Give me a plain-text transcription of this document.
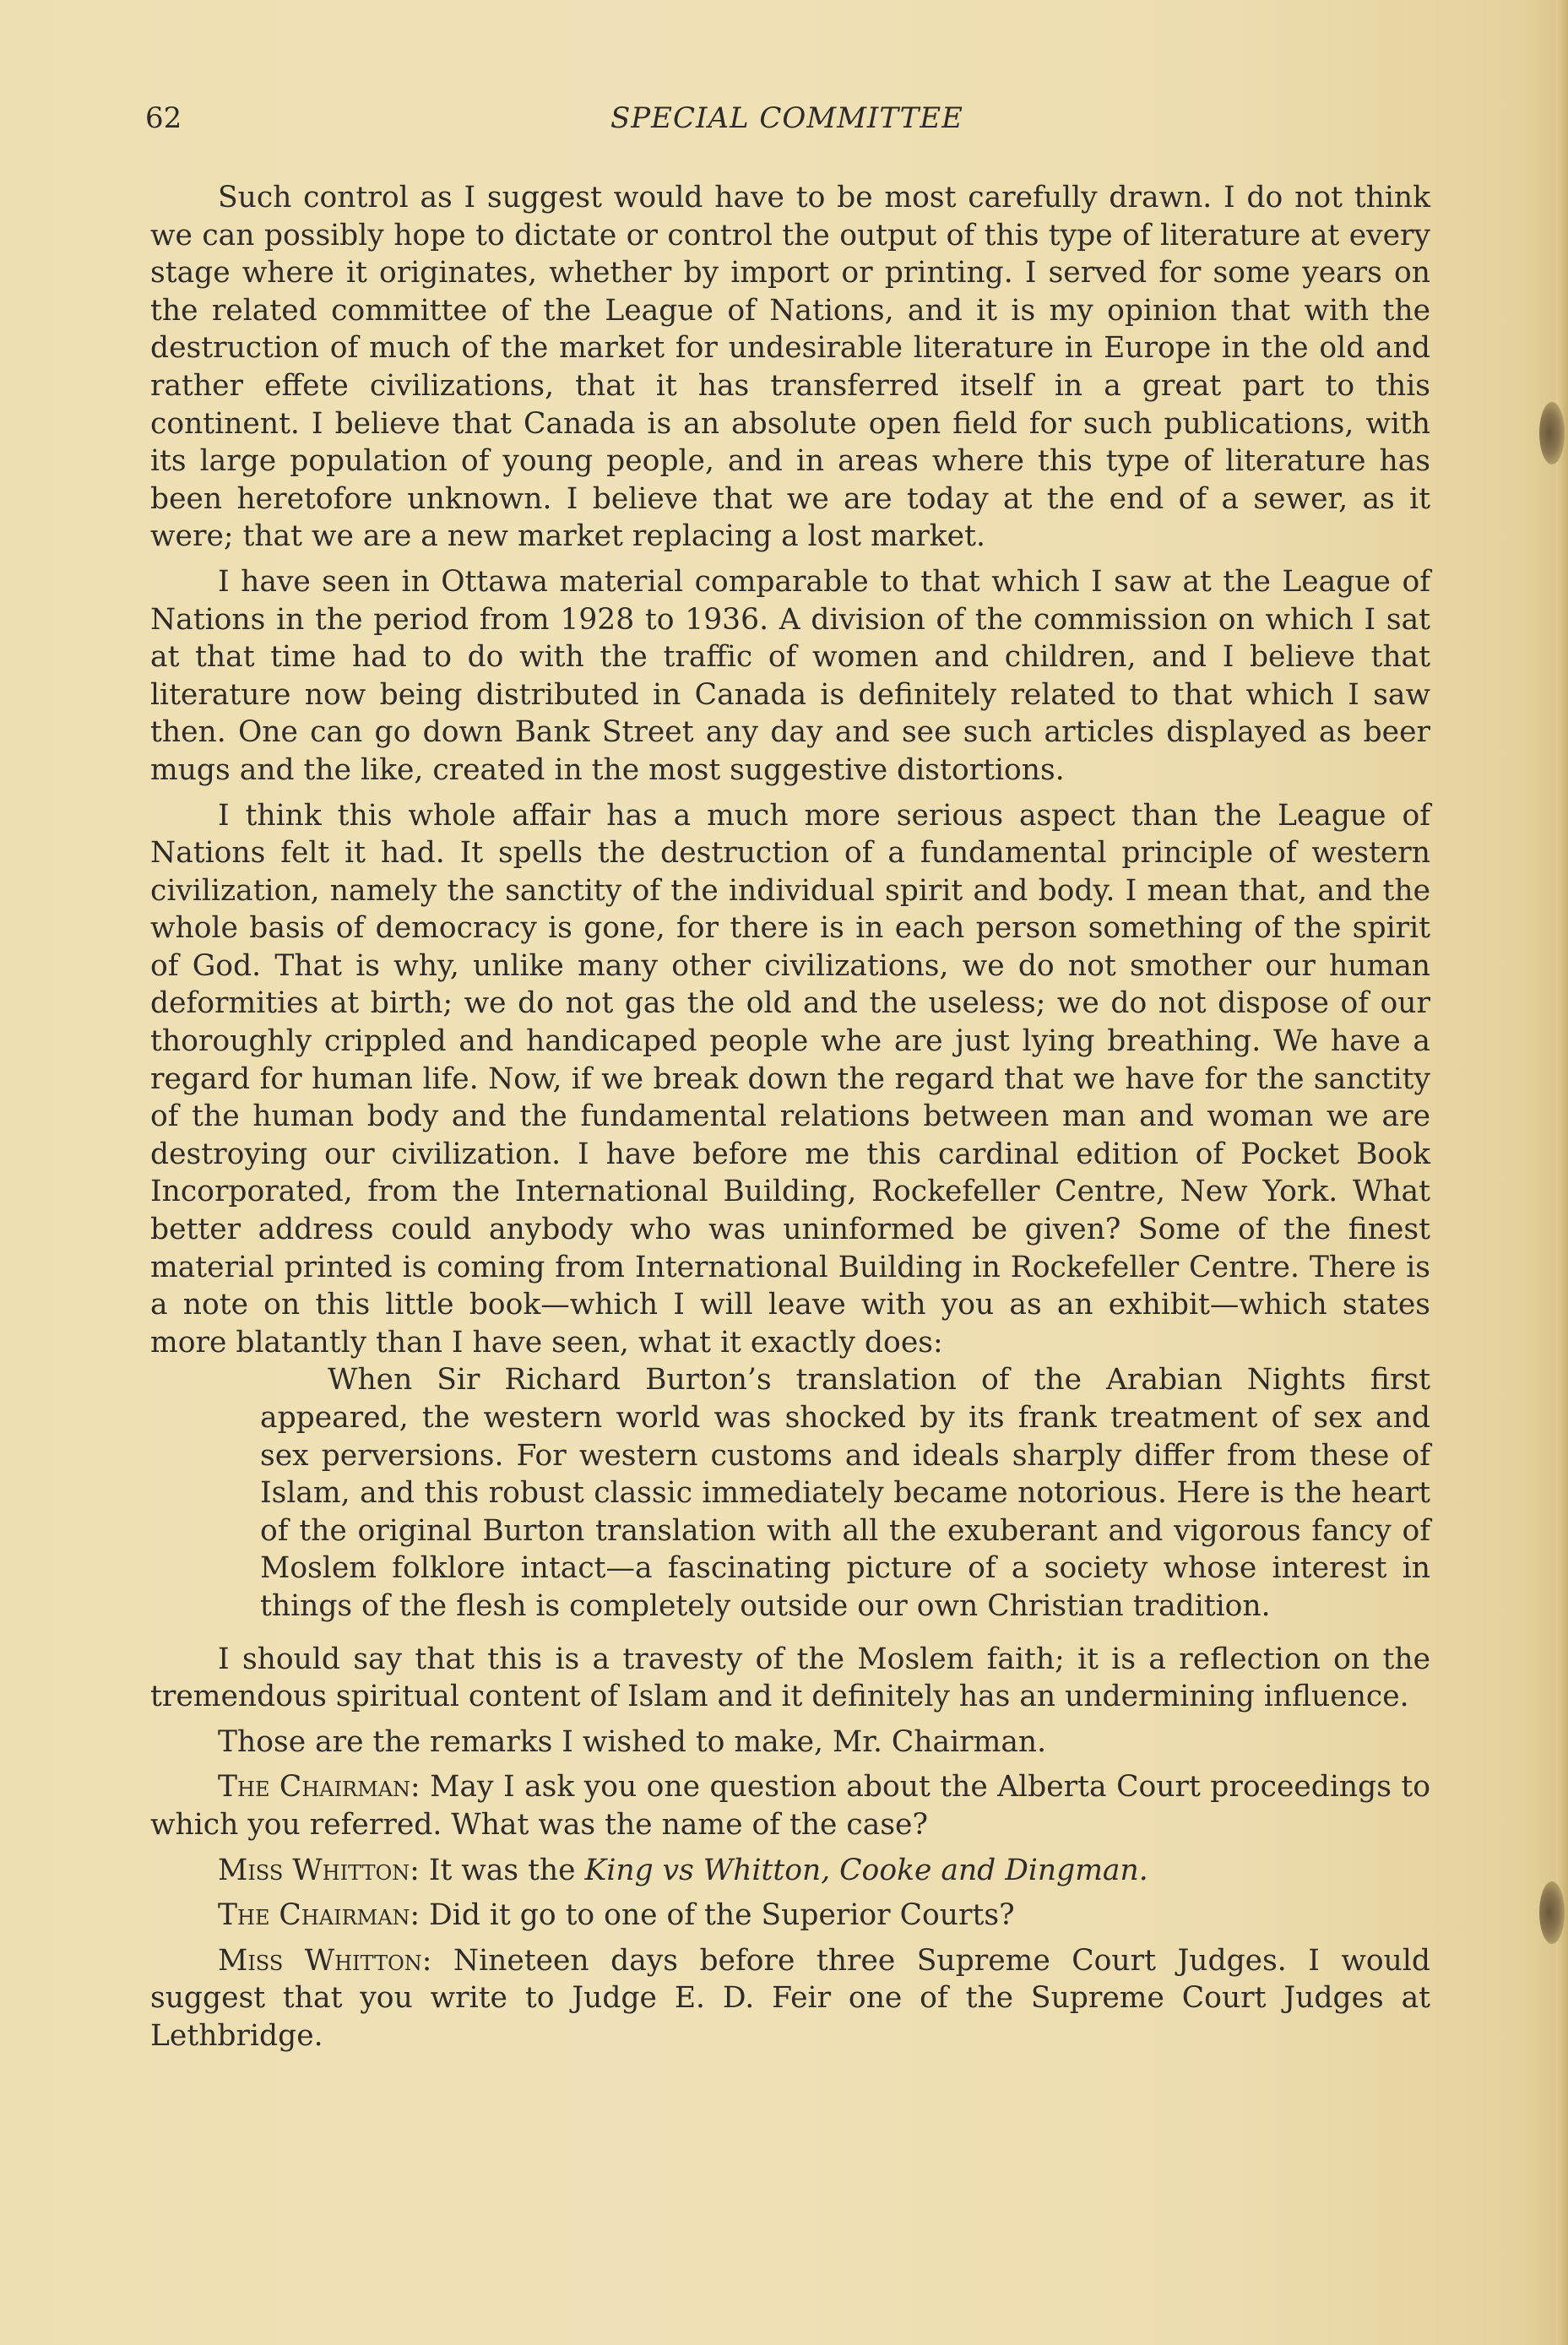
62	SPECIAL COMMITTEE

Such control as I suggest would have to be most carefully drawn. I do not think we can possibly hope to dictate or control the output of this type of literature at every stage where it originates, whether by import or printing. I served for some years on the related committee of the League of Nations, and it is my opinion that with the destruction of much of the market for undesirable literature in Europe in the old and rather effete civilizations, that it has transferred itself in a great part to this continent. I believe that Canada is an absolute open field for such publications, with its large population of young people, and in areas where this type of literature has been heretofore unknown. I believe that we are today at the end of a sewer, as it were; that we are a new market replacing a lost market.

I have seen in Ottawa material comparable to that which I saw at the League of Nations in the period from 1928 to 1936. A division of the commission on which I sat at that time had to do with the traffic of women and children, and I believe that literature now being distributed in Canada is definitely related to that which I saw then. One can go down Bank Street any day and see such articles displayed as beer mugs and the like, created in the most suggestive distortions.

I think this whole affair has a much more serious aspect than the League of Nations felt it had. It spells the destruction of a fundamental principle of western civilization, namely the sanctity of the individual spirit and body. I mean that, and the whole basis of democracy is gone, for there is in each person something of the spirit of God. That is why, unlike many other civilizations, we do not smother our human deformities at birth; we do not gas the old and the useless; we do not dispose of our thoroughly crippled and handicaped people whe are just lying breathing. We have a regard for human life. Now, if we break down the regard that we have for the sanctity of the human body and the fundamental relations between man and woman we are destroying our civilization. I have before me this cardinal edition of Pocket Book Incorporated, from the International Building, Rockefeller Centre, New York. What better address could anybody who was uninformed be given? Some of the finest material printed is coming from International Building in Rockefeller Centre. There is a note on this little book—which I will leave with you as an exhibit—which states more blatantly than I have seen, what it exactly does:

When Sir Richard Burton’s translation of the Arabian Nights first appeared, the western world was shocked by its frank treatment of sex and sex perversions. For western customs and ideals sharply differ from these of Islam, and this robust classic immediately became notorious. Here is the heart of the original Burton translation with all the exuberant and vigorous fancy of Moslem folklore intact—a fascinating picture of a society whose interest in things of the flesh is completely outside our own Christian tradition.

I should say that this is a travesty of the Moslem faith; it is a reflection on the tremendous spiritual content of Islam and it definitely has an undermining influence.

Those are the remarks I wished to make, Mr. Chairman.

The Chairman: May I ask you one question about the Alberta Court proceedings to which you referred. What was the name of the case?

Miss Whitton: It was the King vs Whitton, Cooke and Dingman.

The Chairman: Did it go to one of the Superior Courts?

Miss Whitton: Nineteen days before three Supreme Court Judges. I would suggest that you write to Judge E. D. Feir one of the Supreme Court Judges at Lethbridge.
